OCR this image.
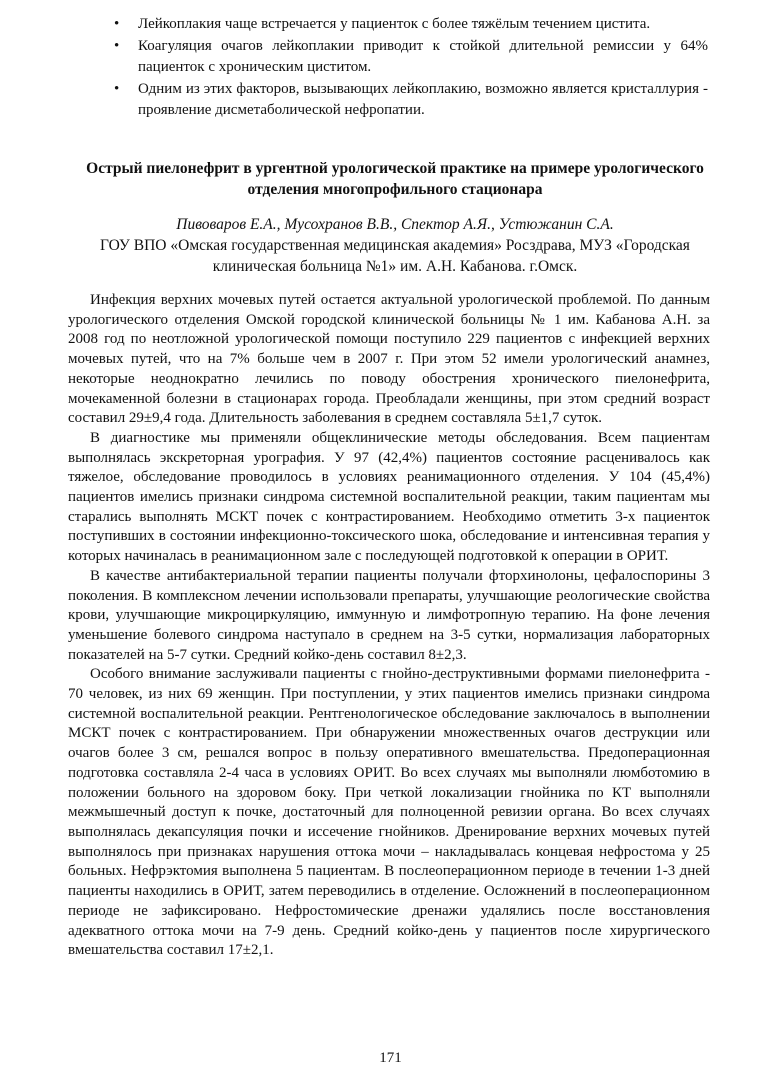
• Лейкоплакия чаще встречается у пациенток с более тяжёлым течением цистита.
• Коагуляция очагов лейкоплакии приводит к стойкой длительной ремиссии у 64% пациенток с хроническим циститом.
• Одним из этих факторов, вызывающих лейкоплакию, возможно является кристаллурия - проявление дисметаболической нефропатии.
Острый пиелонефрит в ургентной урологической практике на примере урологического отделения многопрофильного стационара
Пивоваров Е.А., Мусохранов В.В., Спектор А.Я., Устюжанин С.А.
ГОУ ВПО «Омская государственная медицинская академия» Росздрава, МУЗ «Городская клиническая больница №1» им. А.Н. Кабанова. г.Омск.

Инфекция верхних мочевых путей остается актуальной урологической проблемой. По данным урологического отделения Омской городской клинической больницы № 1 им. Кабанова А.Н. за 2008 год по неотложной урологической помощи поступило 229 пациентов с инфекцией верхних мочевых путей, что на 7% больше чем в 2007 г. При этом 52 имели урологический анамнез, некоторые неоднократно лечились по поводу обострения хронического пиелонефрита, мочекаменной болезни в стационарах города. Преобладали женщины, при этом средний возраст составил 29±9,4 года. Длительность заболевания в среднем составляла 5±1,7 суток.

В диагностике мы применяли общеклинические методы обследования. Всем пациентам выполнялась экскреторная урография. У 97 (42,4%) пациентов состояние расценивалось как тяжелое, обследование проводилось в условиях реанимационного отделения. У 104 (45,4%) пациентов имелись признаки синдрома системной воспалительной реакции, таким пациентам мы старались выполнять МСКТ почек с контрастированием. Необходимо отметить 3-х пациенток поступивших в состоянии инфекционно-токсического шока, обследование и интенсивная терапия у которых начиналась в реанимационном зале с последующей подготовкой к операции в ОРИТ.

В качестве антибактериальной терапии пациенты получали фторхинолоны, цефалоспорины 3 поколения. В комплексном лечении использовали препараты, улучшающие реологические свойства крови, улучшающие микроциркуляцию, иммунную и лимфотропную терапию. На фоне лечения уменьшение болевого синдрома наступало в среднем на 3-5 сутки, нормализация лабораторных показателей на 5-7 сутки. Средний койко-день составил 8±2,3.

Особого внимание заслуживали пациенты с гнойно-деструктивными формами пиелонефрита - 70 человек, из них 69 женщин. При поступлении, у этих пациентов имелись признаки синдрома системной воспалительной реакции. Рентгенологическое обследование заключалось в выполнении МСКТ почек с контрастированием. При обнаружении множественных очагов деструкции или очагов более 3 см, решался вопрос в пользу оперативного вмешательства. Предоперационная подготовка составляла 2-4 часа в условиях ОРИТ. Во всех случаях мы выполняли люмботомию в положении больного на здоровом боку. При четкой локализации гнойника по КТ выполняли межмышечный доступ к почке, достаточный для полноценной ревизии органа. Во всех случаях выполнялась декапсуляция почки и иссечение гнойников. Дренирование верхних мочевых путей выполнялось при признаках нарушения оттока мочи – накладывалась концевая нефростома у 25 больных. Нефрэктомия выполнена 5 пациентам. В послеоперационном периоде в течении 1-3 дней пациенты находились в ОРИТ, затем переводились в отделение. Осложнений в послеоперационном периоде не зафиксировано. Нефростомические дренажи удалялись после восстановления адекватного оттока мочи на 7-9 день. Средний койко-день у пациентов после хирургического вмешательства составил 17±2,1.

171
